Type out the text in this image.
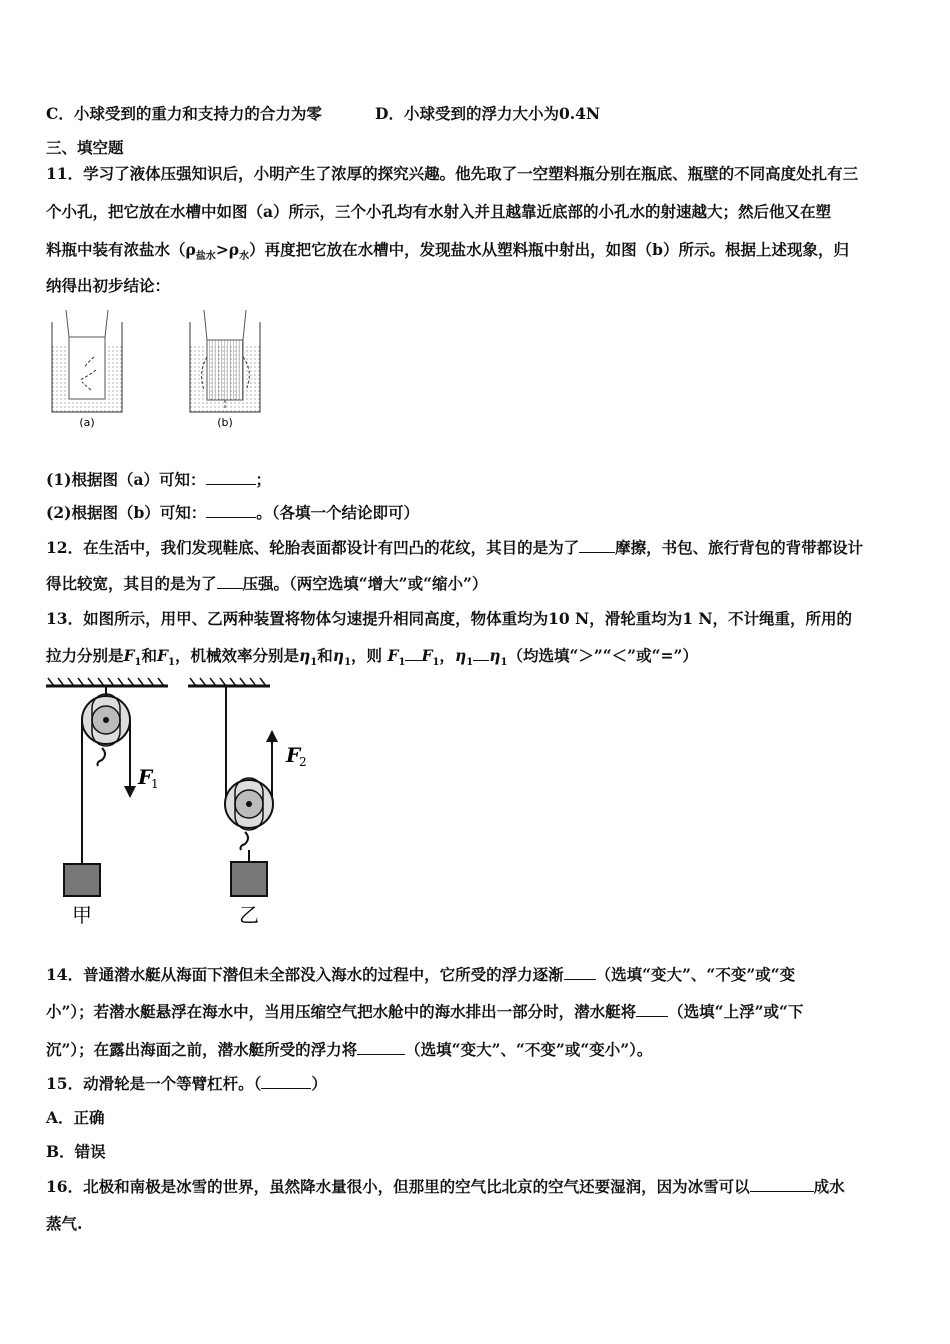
C．小球受到的重力和支持力的合力为零	D．小球受到的浮力大小为0.4N
三、填空题
11．学习了液体压强知识后，小明产生了浓厚的探究兴趣。他先取了一空塑料瓶分别在瓶底、瓶壁的不同高度处扎有三
个小孔，把它放在水槽中如图（a）所示，三个小孔均有水射入并且越靠近底部的小孔水的射速越大；然后他又在塑
料瓶中装有浓盐水$(\rho_{盐水}>\rho_水)$再度把它放在水槽中，发现盐水从塑料瓶中射出，如图（b）所示。根据上述现象，归
纳得出初步结论：
(a)	(b)
(1)根据图（a）可知：	；
(2)根据图（b）可知：	。（各填一个结论即可）
12．在生活中，我们发现鞋底、轮胎表面都设计有凹凸的花纹，其目的是为了 摩擦，书包、旅行背包的背带都设计
得比较宽，其目的是为了 压强。（两空选填“增大”或“缩小”）
13．如图所示，用甲、乙两种装置将物体匀速提升相同高度，物体重均为10 N，滑轮重均为1 N，不计绳重，所用的
拉力分别是$F_1$和$F_1$，机械效率分别是$\eta_1$和$\eta_1$，则 $F_1$ $F_1$，$\eta_1$ $\eta_1$（均选填“＞”“＜”或“=”）
F
1
甲
F
2
乙
14．普通潜水艇从海面下潜但未全部没入海水的过程中，它所受的浮力逐渐 （选填“变大”、“不变”或“变
小”）；若潜水艇悬浮在海水中，当用压缩空气把水舱中的海水排出一部分时，潜水艇将 （选填“上浮”或“下
沉”）；在露出海面之前，潜水艇所受的浮力将	（选填“变大”、“不变”或“变小”）。
15．动滑轮是一个等臂杠杆。（	）
A．正确
B．错误
16．北极和南极是冰雪的世界，虽然降水量很小，但那里的空气比北京的空气还要湿润，因为冰雪可以	成水
蒸气.
